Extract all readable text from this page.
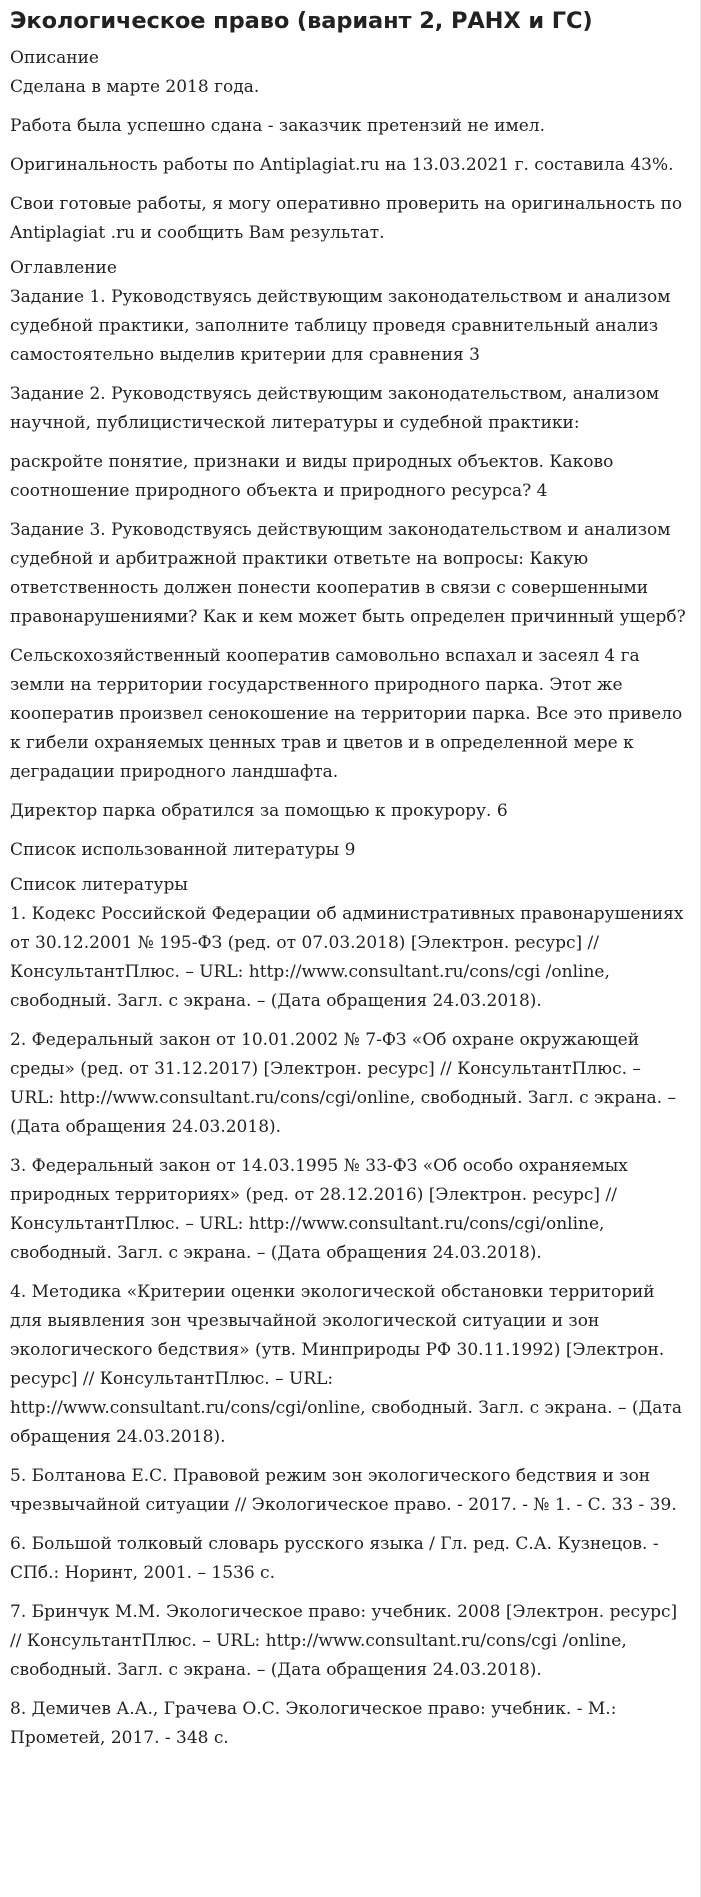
Экологическое право (вариант 2, РАНХ и ГС)
Описание

Сделана в марте 2018 года.

Работа была успешно сдана - заказчик претензий не имел.

Оригинальность работы по Antiplagiat.ru на 13.03.2021 г. составила 43%.

Свои готовые работы, я могу оперативно проверить на оригинальность по Antiplagiat .ru и сообщить Вам результат.

Оглавление

Задание 1. Руководствуясь действующим законодательством и анализом судебной практики, заполните таблицу проведя сравнительный анализ самостоятельно выделив критерии для сравнения 3

Задание 2. Руководствуясь действующим законодательством, анализом научной, публицистической литературы и судебной практики:

раскройте понятие, признаки и виды природных объектов. Каково соотношение природного объекта и природного ресурса? 4

Задание 3. Руководствуясь действующим законодательством и анализом судебной и арбитражной практики ответьте на вопросы: Какую ответственность должен понести кооператив в связи с совершенными правонарушениями? Как и кем может быть определен причинный ущерб?

Сельскохозяйственный кооператив самовольно вспахал и засеял 4 га земли на территории государственного природного парка. Этот же кооператив произвел сенокошение на территории парка. Все это привело к гибели охраняемых ценных трав и цветов и в определенной мере к деградации природного ландшафта.

Директор парка обратился за помощью к прокурору. 6

Список использованной литературы 9

Список литературы

1. Кодекс Российской Федерации об административных правонарушениях от 30.12.2001 № 195-ФЗ (ред. от 07.03.2018) [Электрон. ресурс] // КонсультантПлюс. – URL: http://www.consultant.ru/cons/cgi /online, свободный. Загл. с экрана. – (Дата обращения 24.03.2018).

2. Федеральный закон от 10.01.2002 № 7-ФЗ «Об охране окружающей среды» (ред. от 31.12.2017) [Электрон. ресурс] // КонсультантПлюс. – URL: http://www.consultant.ru/cons/cgi/online, свободный. Загл. с экрана. – (Дата обращения 24.03.2018).

3. Федеральный закон от 14.03.1995 № 33-ФЗ «Об особо охраняемых природных территориях» (ред. от 28.12.2016) [Электрон. ресурс] // КонсультантПлюс. – URL: http://www.consultant.ru/cons/cgi/online, свободный. Загл. с экрана. – (Дата обращения 24.03.2018).

4. Методика «Критерии оценки экологической обстановки территорий для выявления зон чрезвычайной экологической ситуации и зон экологического бедствия» (утв. Минприроды РФ 30.11.1992) [Электрон. ресурс] // КонсультантПлюс. – URL: http://www.consultant.ru/cons/cgi/online, свободный. Загл. с экрана. – (Дата обращения 24.03.2018).

5. Болтанова Е.С. Правовой режим зон экологического бедствия и зон чрезвычайной ситуации // Экологическое право. - 2017. - № 1. - С. 33 - 39.

6. Большой толковый словарь русского языка / Гл. ред. С.А. Кузнецов. - СПб.: Норинт, 2001. – 1536 с.

7. Бринчук М.М. Экологическое право: учебник. 2008 [Электрон. ресурс] // КонсультантПлюс. – URL: http://www.consultant.ru/cons/cgi /online, свободный. Загл. с экрана. – (Дата обращения 24.03.2018).

8. Демичев А.А., Грачева О.С. Экологическое право: учебник. - М.: Прометей, 2017. - 348 с.
